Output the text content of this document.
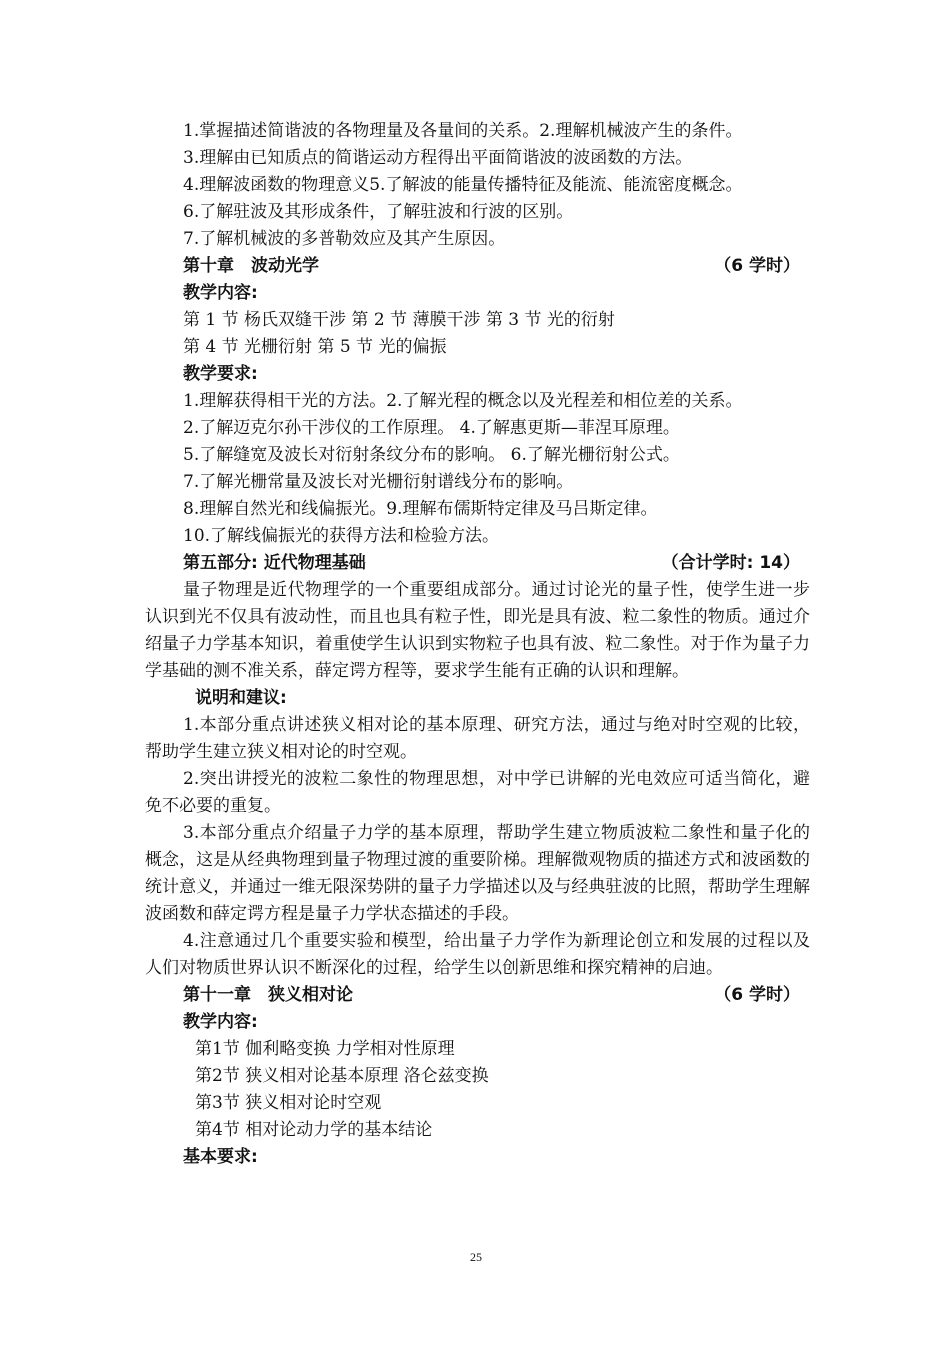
1.掌握描述简谐波的各物理量及各量间的关系。2.理解机械波产生的条件。
3.理解由已知质点的简谐运动方程得出平面简谐波的波函数的方法。
4.理解波函数的物理意义5.了解波的能量传播特征及能流、能流密度概念。
6.了解驻波及其形成条件，了解驻波和行波的区别。
7.了解机械波的多普勒效应及其产生原因。
第十章　波动光学	（6 学时）
教学内容:
第 1 节 杨氏双缝干涉 第 2 节 薄膜干涉 第 3 节 光的衍射
第 4 节 光栅衍射 第 5 节 光的偏振
教学要求:
1.理解获得相干光的方法。2.了解光程的概念以及光程差和相位差的关系。
2.了解迈克尔孙干涉仪的工作原理。 4.了解惠更斯—菲涅耳原理。
5.了解缝宽及波长对衍射条纹分布的影响。 6.了解光栅衍射公式。
7.了解光栅常量及波长对光栅衍射谱线分布的影响。
8.理解自然光和线偏振光。9.理解布儒斯特定律及马吕斯定律。
10.了解线偏振光的获得方法和检验方法。
第五部分: 近代物理基础	（合计学时: 14）
量子物理是近代物理学的一个重要组成部分。通过讨论光的量子性，使学生进一步认识到光不仅具有波动性，而且也具有粒子性，即光是具有波、粒二象性的物质。通过介绍量子力学基本知识，着重使学生认识到实物粒子也具有波、粒二象性。对于作为量子力学基础的测不准关系，薛定谔方程等，要求学生能有正确的认识和理解。
说明和建议:
1.本部分重点讲述狭义相对论的基本原理、研究方法，通过与绝对时空观的比较，帮助学生建立狭义相对论的时空观。
2.突出讲授光的波粒二象性的物理思想，对中学已讲解的光电效应可适当简化，避免不必要的重复。
3.本部分重点介绍量子力学的基本原理，帮助学生建立物质波粒二象性和量子化的概念，这是从经典物理到量子物理过渡的重要阶梯。理解微观物质的描述方式和波函数的统计意义，并通过一维无限深势阱的量子力学描述以及与经典驻波的比照，帮助学生理解波函数和薛定谔方程是量子力学状态描述的手段。
4.注意通过几个重要实验和模型，给出量子力学作为新理论创立和发展的过程以及人们对物质世界认识不断深化的过程，给学生以创新思维和探究精神的启迪。
第十一章　狭义相对论	（6 学时）
教学内容:
第1节 伽利略变换 力学相对性原理
第2节 狭义相对论基本原理 洛仑兹变换
第3节 狭义相对论时空观
第4节 相对论动力学的基本结论
基本要求:
25
